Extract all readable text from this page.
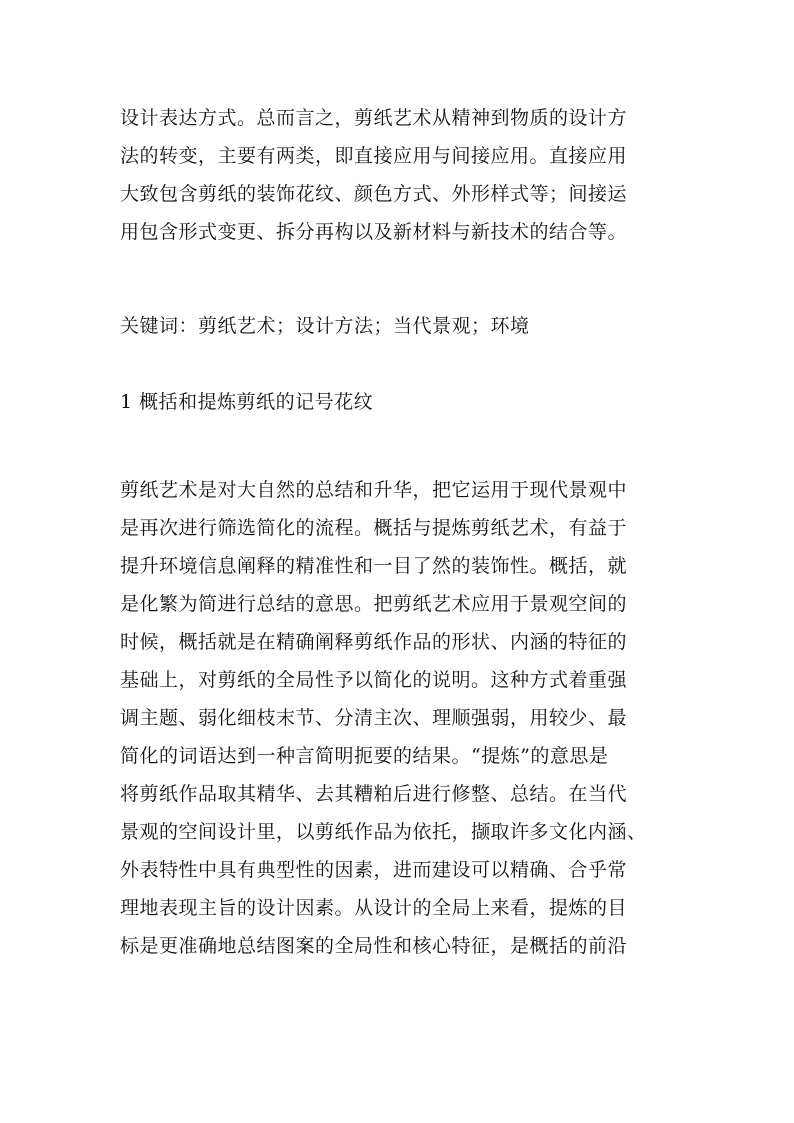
设计表达方式。总而言之，剪纸艺术从精神到物质的设计方
法的转变，主要有两类，即直接应用与间接应用。直接应用
大致包含剪纸的装饰花纹、颜色方式、外形样式等；间接运
用包含形式变更、拆分再构以及新材料与新技术的结合等。
关键词：剪纸艺术；设计方法；当代景观；环境
1 概括和提炼剪纸的记号花纹
剪纸艺术是对大自然的总结和升华，把它运用于现代景观中
是再次进行筛选简化的流程。概括与提炼剪纸艺术，有益于
提升环境信息阐释的精准性和一目了然的装饰性。概括，就
是化繁为简进行总结的意思。把剪纸艺术应用于景观空间的
时候，概括就是在精确阐释剪纸作品的形状、内涵的特征的
基础上，对剪纸的全局性予以简化的说明。这种方式着重强
调主题、弱化细枝末节、分清主次、理顺强弱，用较少、最
简化的词语达到一种言简明扼要的结果。“提炼”的意思是
将剪纸作品取其精华、去其糟粕后进行修整、总结。在当代
景观的空间设计里，以剪纸作品为依托，撷取许多文化内涵、
外表特性中具有典型性的因素，进而建设可以精确、合乎常
理地表现主旨的设计因素。从设计的全局上来看，提炼的目
标是更准确地总结图案的全局性和核心特征，是概括的前沿
